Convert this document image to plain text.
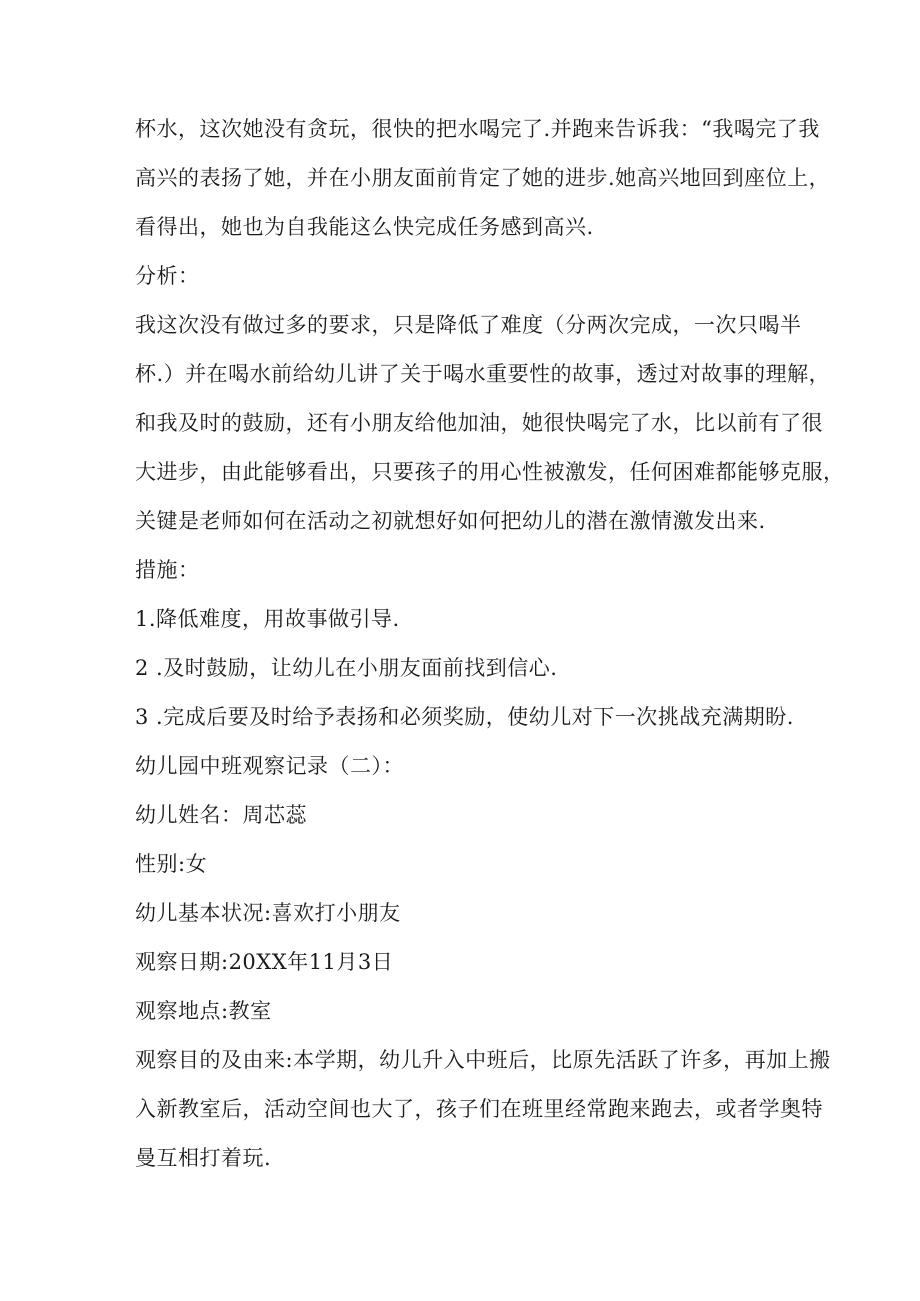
杯水，这次她没有贪玩，很快的把水喝完了.并跑来告诉我：“我喝完了我
高兴的表扬了她，并在小朋友面前肯定了她的进步.她高兴地回到座位上，
看得出，她也为自我能这么快完成任务感到高兴.
分析：
我这次没有做过多的要求，只是降低了难度（分两次完成，一次只喝半
杯.）并在喝水前给幼儿讲了关于喝水重要性的故事，透过对故事的理解，
和我及时的鼓励，还有小朋友给他加油，她很快喝完了水，比以前有了很
大进步，由此能够看出，只要孩子的用心性被激发，任何困难都能够克服，
关键是老师如何在活动之初就想好如何把幼儿的潜在激情激发出来.
措施：
1.降低难度，用故事做引导.
2 .及时鼓励，让幼儿在小朋友面前找到信心.
3 .完成后要及时给予表扬和必须奖励，使幼儿对下一次挑战充满期盼.
幼儿园中班观察记录（二）：
幼儿姓名：周芯蕊
性别:女
幼儿基本状况:喜欢打小朋友
观察日期:20XX年11月3日
观察地点:教室
观察目的及由来:本学期，幼儿升入中班后，比原先活跃了许多，再加上搬
入新教室后，活动空间也大了，孩子们在班里经常跑来跑去，或者学奥特
曼互相打着玩.
